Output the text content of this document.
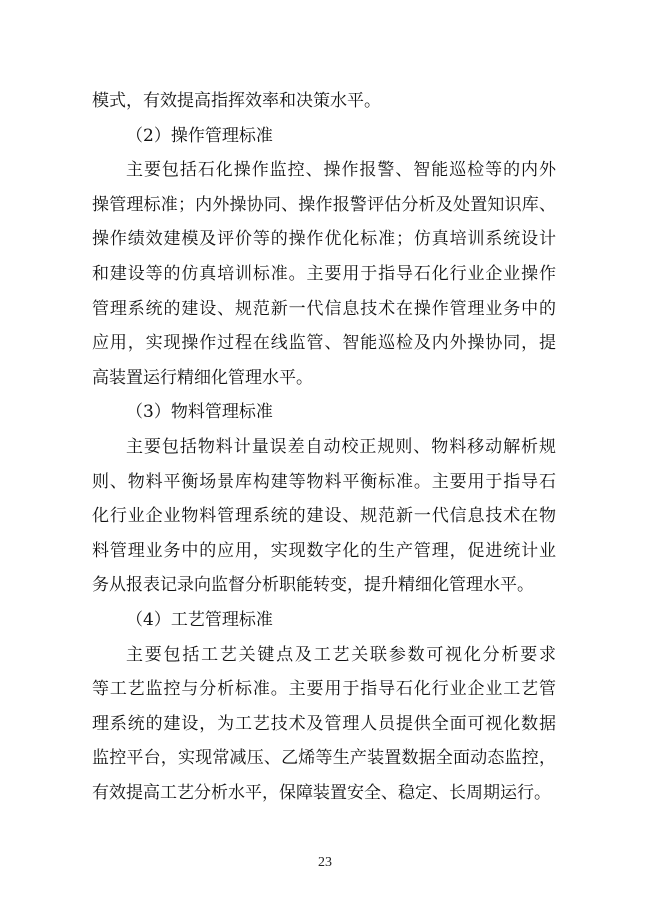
模式，有效提高指挥效率和决策水平。

（2）操作管理标准

主要包括石化操作监控、操作报警、智能巡检等的内外
操管理标准；内外操协同、操作报警评估分析及处置知识库、
操作绩效建模及评价等的操作优化标准；仿真培训系统设计
和建设等的仿真培训标准。主要用于指导石化行业企业操作
管理系统的建设、规范新一代信息技术在操作管理业务中的
应用，实现操作过程在线监管、智能巡检及内外操协同，提
高装置运行精细化管理水平。

（3）物料管理标准

主要包括物料计量误差自动校正规则、物料移动解析规
则、物料平衡场景库构建等物料平衡标准。主要用于指导石
化行业企业物料管理系统的建设、规范新一代信息技术在物
料管理业务中的应用，实现数字化的生产管理，促进统计业
务从报表记录向监督分析职能转变，提升精细化管理水平。

（4）工艺管理标准

主要包括工艺关键点及工艺关联参数可视化分析要求
等工艺监控与分析标准。主要用于指导石化行业企业工艺管
理系统的建设，为工艺技术及管理人员提供全面可视化数据
监控平台，实现常减压、乙烯等生产装置数据全面动态监控，
有效提高工艺分析水平，保障装置安全、稳定、长周期运行。

23
